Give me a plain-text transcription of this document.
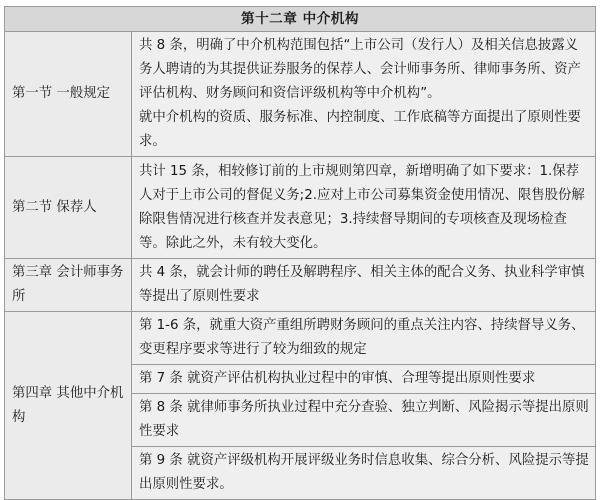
第十二章 中介机构	
第一节 一般规定	共 8 条，明确了中介机构范围包括“上市公司（发行人）及相关信息披露义务人聘请的为其提供证券服务的保荐人、会计师事务所、律师事务所、资产评估机构、财务顾问和资信评级机构等中介机构”。
就中介机构的资质、服务标准、内控制度、工作底稿等方面提出了原则性要求。

第二节 保荐人	共计 15 条，相较修订前的上市规则第四章，新增明确了如下要求：1.保荐人对于上市公司的督促义务;2.应对上市公司募集资金使用情况、限售股份解除限售情况进行核查并发表意见；3.持续督导期间的专项核查及现场检查等。除此之外，未有较大变化。

第三章 会计师事务所	共 4 条，就会计师的聘任及解聘程序、相关主体的配合义务、执业科学审慎等提出了原则性要求

第四章 其他中介机构	第 1-6 条，就重大资产重组所聘财务顾问的重点关注内容、持续督导义务、变更程序要求等进行了较为细致的规定
	第 7 条 就资产评估机构执业过程中的审慎、合理等提出原则性要求
	第 8 条 就律师事务所执业过程中充分查验、独立判断、风险揭示等提出原则性要求
	第 9 条 就资产评级机构开展评级业务时信息收集、综合分析、风险提示等提出原则性要求。
